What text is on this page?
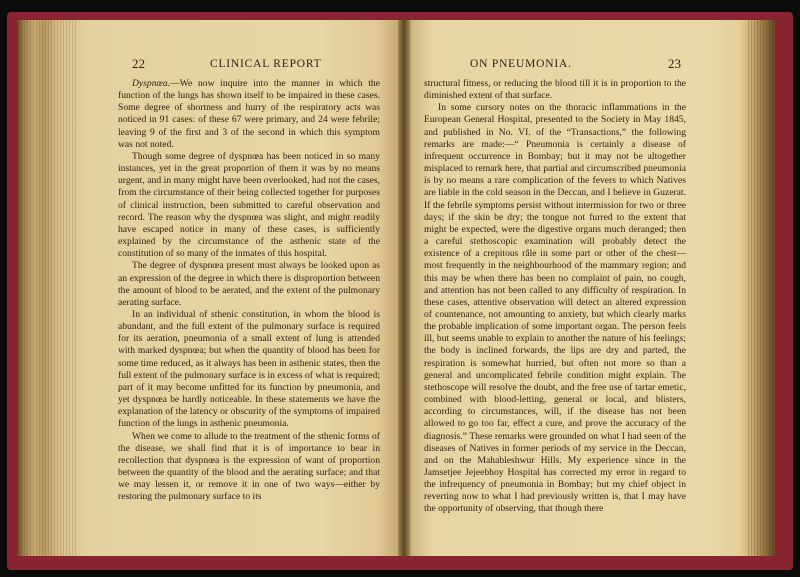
22	CLINICAL REPORT

Dyspnœa.—We now inquire into the manner in which the function of the lungs has shown itself to be impaired in these cases. Some degree of shortness and hurry of the respiratory acts was noticed in 91 cases: of these 67 were primary, and 24 were febrile; leaving 9 of the first and 3 of the second in which this symptom was not noted.

Though some degree of dyspnœa has been noticed in so many instances, yet in the great proportion of them it was by no means urgent, and in many might have been overlooked, had not the cases, from the circumstance of their being collected together for purposes of clinical instruction, been submitted to careful observation and record. The reason why the dyspnœa was slight, and might readily have escaped notice in many of these cases, is sufficiently explained by the circumstance of the asthenic state of the constitution of so many of the inmates of this hospital.

The degree of dyspnœa present must always be looked upon as an expression of the degree in which there is disproportion between the amount of blood to be aerated, and the extent of the pulmonary aerating surface.

In an individual of sthenic constitution, in whom the blood is abundant, and the full extent of the pulmonary surface is required for its aeration, pneumonia of a small extent of lung is attended with marked dyspnœa; but when the quantity of blood has been for some time reduced, as it always has been in asthenic states, then the full extent of the pulmonary surface is in excess of what is required; part of it may become unfitted for its function by pneumonia, and yet dyspnœa be hardly noticeable. In these statements we have the explanation of the latency or obscurity of the symptoms of impaired function of the lungs in asthenic pneumonia.

When we come to allude to the treatment of the sthenic forms of the disease, we shall find that it is of importance to bear in recollection that dyspnœa is the expression of want of proportion between the quantity of the blood and the aerating surface; and that we may lessen it, or remove it in one of two ways—either by restoring the pulmonary surface to its

ON PNEUMONIA.	23

structural fitness, or reducing the blood till it is in proportion to the diminished extent of that surface.

In some cursory notes on the thoracic inflammations in the European General Hospital, presented to the Society in May 1845, and published in No. VI. of the “Transactions,” the following remarks are made:—“ Pneumonia is certainly a disease of infrequent occurrence in Bombay; but it may not be altogether misplaced to remark here, that partial and circumscribed pneumonia is by no means a rare complication of the fevers to which Natives are liable in the cold season in the Deccan, and I believe in Guzerat. If the febrile symptoms persist without intermission for two or three days; if the skin be dry; the tongue not furred to the extent that might be expected, were the digestive organs much deranged; then a careful stethoscopic examination will probably detect the existence of a crepitous râle in some part or other of the chest—most frequently in the neighbourhood of the mammary region; and this may be when there has been no complaint of pain, no cough, and attention has not been called to any difficulty of respiration. In these cases, attentive observation will detect an altered expression of countenance, not amounting to anxiety, but which clearly marks the probable implication of some important organ. The person feels ill, but seems unable to explain to another the nature of his feelings; the body is inclined forwards, the lips are dry and parted, the respiration is somewhat hurried, but often not more so than a general and uncomplicated febrile condition might explain. The stethoscope will resolve the doubt, and the free use of tartar emetic, combined with blood-letting, general or local, and blisters, according to circumstances, will, if the disease has not been allowed to go too far, effect a cure, and prove the accuracy of the diagnosis.” These remarks were grounded on what I had seen of the diseases of Natives in former periods of my service in the Deccan, and on the Mahableshwur Hills. My experience since in the Jamsetjee Jejeebhoy Hospital has corrected my error in regard to the infrequency of pneumonia in Bombay; but my chief object in reverting now to what I had previously written is, that I may have the opportunity of observing, that though there
